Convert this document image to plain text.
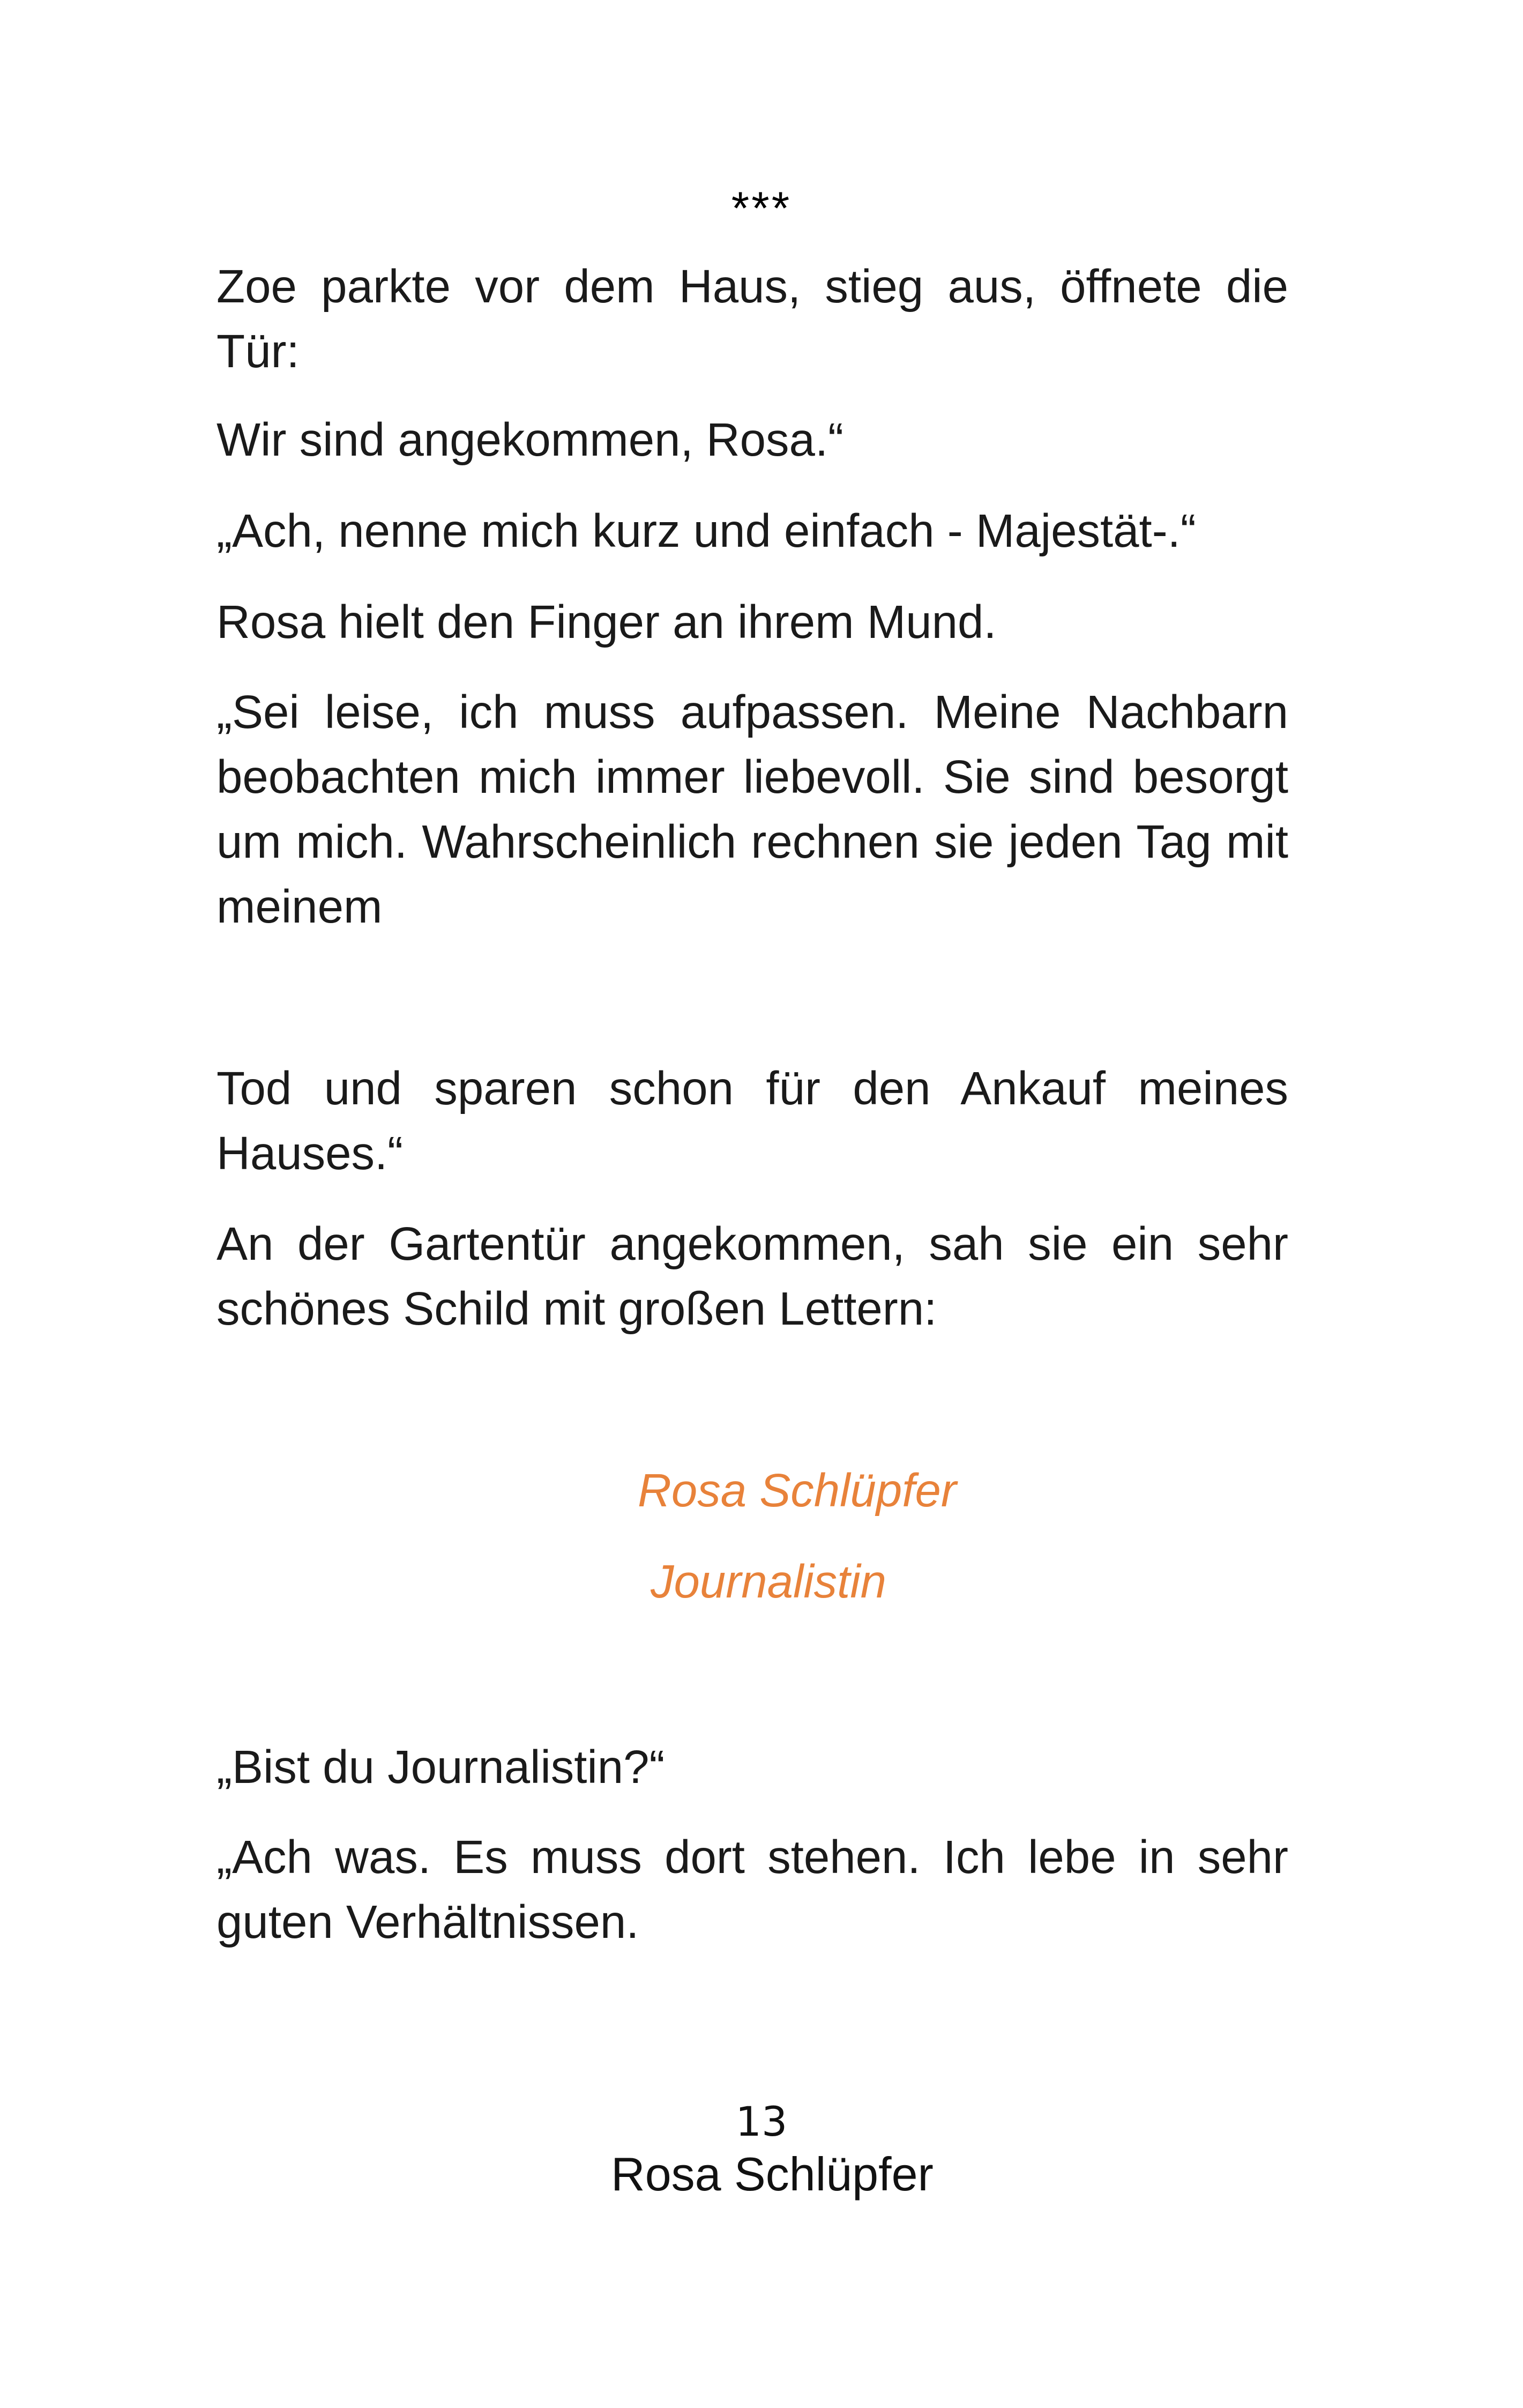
***

Zoe parkte vor dem Haus, stieg aus, öffnete die Tür:

Wir sind angekommen, Rosa.“

„Ach, nenne mich kurz und einfach - Majestät-.“

Rosa hielt den Finger an ihrem Mund.

„Sei leise, ich muss aufpassen. Meine Nachbarn beobachten mich immer liebevoll. Sie sind besorgt um mich. Wahrscheinlich rechnen sie jeden Tag mit meinem

Tod und sparen schon für den Ankauf meines Hauses.“

An der Gartentür angekommen, sah sie ein sehr schönes Schild mit großen Lettern:

Rosa Schlüpfer

Journalistin

„Bist du Journalistin?“

„Ach was. Es muss dort stehen. Ich lebe in sehr guten Verhältnissen.

13
Rosa Schlüpfer
